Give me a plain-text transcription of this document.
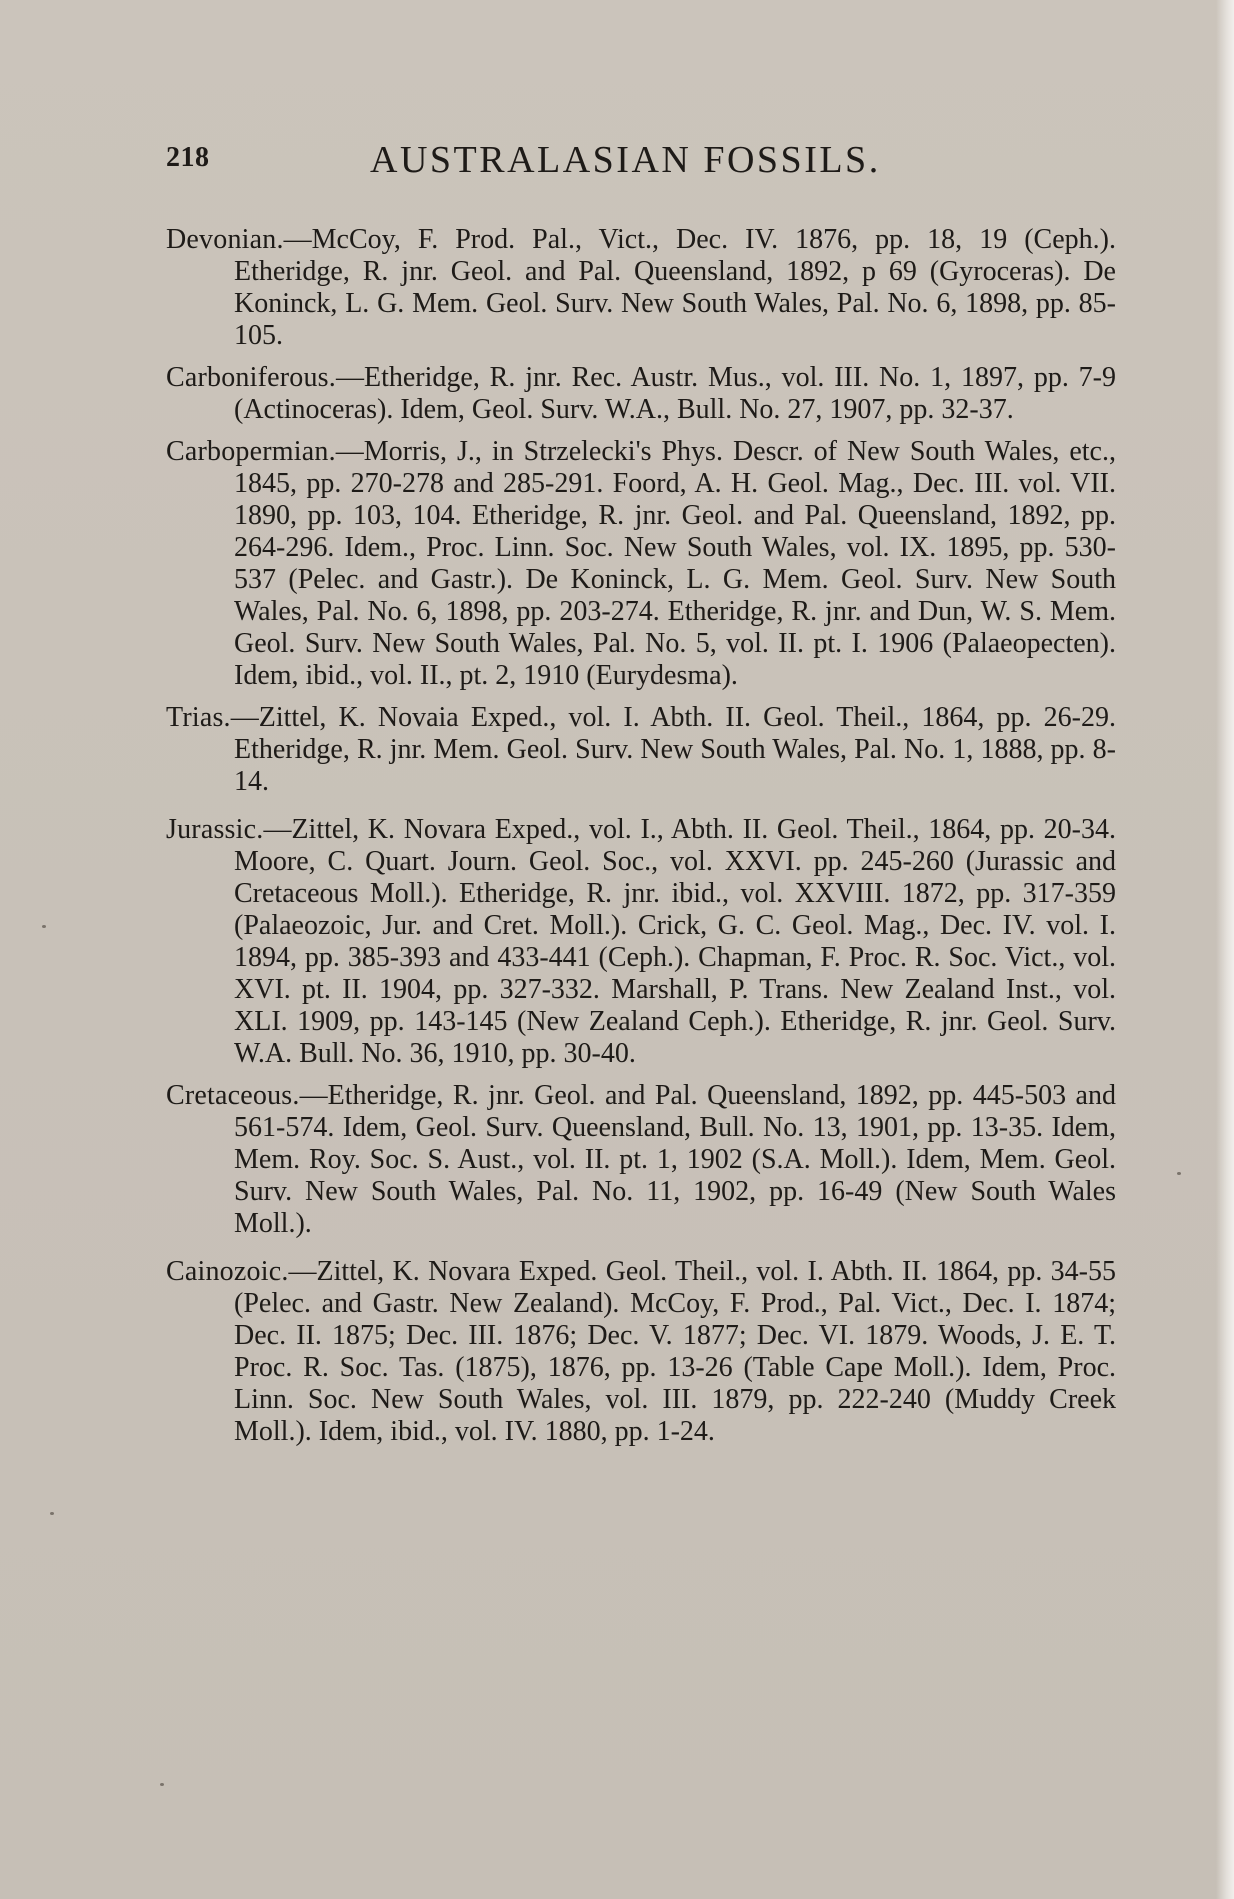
218	AUSTRALASIAN FOSSILS.

Devonian.—McCoy, F. Prod. Pal., Vict., Dec. IV. 1876, pp. 18, 19 (Ceph.). Etheridge, R. jnr. Geol. and Pal. Queensland, 1892, p 69 (Gyroceras). De Koninck, L. G. Mem. Geol. Surv. New South Wales, Pal. No. 6, 1898, pp. 85-105.

Carboniferous.—Etheridge, R. jnr. Rec. Austr. Mus., vol. III. No. 1, 1897, pp. 7-9 (Actinoceras). Idem, Geol. Surv. W.A., Bull. No. 27, 1907, pp. 32-37.

Carbopermian.—Morris, J., in Strzelecki's Phys. Descr. of New South Wales, etc., 1845, pp. 270-278 and 285-291. Foord, A. H. Geol. Mag., Dec. III. vol. VII. 1890, pp. 103, 104. Etheridge, R. jnr. Geol. and Pal. Queensland, 1892, pp. 264-296. Idem., Proc. Linn. Soc. New South Wales, vol. IX. 1895, pp. 530-537 (Pelec. and Gastr.). De Koninck, L. G. Mem. Geol. Surv. New South Wales, Pal. No. 6, 1898, pp. 203-274. Etheridge, R. jnr. and Dun, W. S. Mem. Geol. Surv. New South Wales, Pal. No. 5, vol. II. pt. I. 1906 (Palaeopecten). Idem, ibid., vol. II., pt. 2, 1910 (Eurydesma).

Trias.—Zittel, K. Novaia Exped., vol. I. Abth. II. Geol. Theil., 1864, pp. 26-29. Etheridge, R. jnr. Mem. Geol. Surv. New South Wales, Pal. No. 1, 1888, pp. 8-14.

Jurassic.—Zittel, K. Novara Exped., vol. I., Abth. II. Geol. Theil., 1864, pp. 20-34. Moore, C. Quart. Journ. Geol. Soc., vol. XXVI. pp. 245-260 (Jurassic and Cretaceous Moll.). Etheridge, R. jnr. ibid., vol. XXVIII. 1872, pp. 317-359 (Palaeozoic, Jur. and Cret. Moll.). Crick, G. C. Geol. Mag., Dec. IV. vol. I. 1894, pp. 385-393 and 433-441 (Ceph.). Chapman, F. Proc. R. Soc. Vict., vol. XVI. pt. II. 1904, pp. 327-332. Marshall, P. Trans. New Zealand Inst., vol. XLI. 1909, pp. 143-145 (New Zealand Ceph.). Etheridge, R. jnr. Geol. Surv. W.A. Bull. No. 36, 1910, pp. 30-40.

Cretaceous.—Etheridge, R. jnr. Geol. and Pal. Queensland, 1892, pp. 445-503 and 561-574. Idem, Geol. Surv. Queensland, Bull. No. 13, 1901, pp. 13-35. Idem, Mem. Roy. Soc. S. Aust., vol. II. pt. 1, 1902 (S.A. Moll.). Idem, Mem. Geol. Surv. New South Wales, Pal. No. 11, 1902, pp. 16-49 (New South Wales Moll.).

Cainozoic.—Zittel, K. Novara Exped. Geol. Theil., vol. I. Abth. II. 1864, pp. 34-55 (Pelec. and Gastr. New Zealand). McCoy, F. Prod., Pal. Vict., Dec. I. 1874; Dec. II. 1875; Dec. III. 1876; Dec. V. 1877; Dec. VI. 1879. Woods, J. E. T. Proc. R. Soc. Tas. (1875), 1876, pp. 13-26 (Table Cape Moll.). Idem, Proc. Linn. Soc. New South Wales, vol. III. 1879, pp. 222-240 (Muddy Creek Moll.). Idem, ibid., vol. IV. 1880, pp. 1-24.
